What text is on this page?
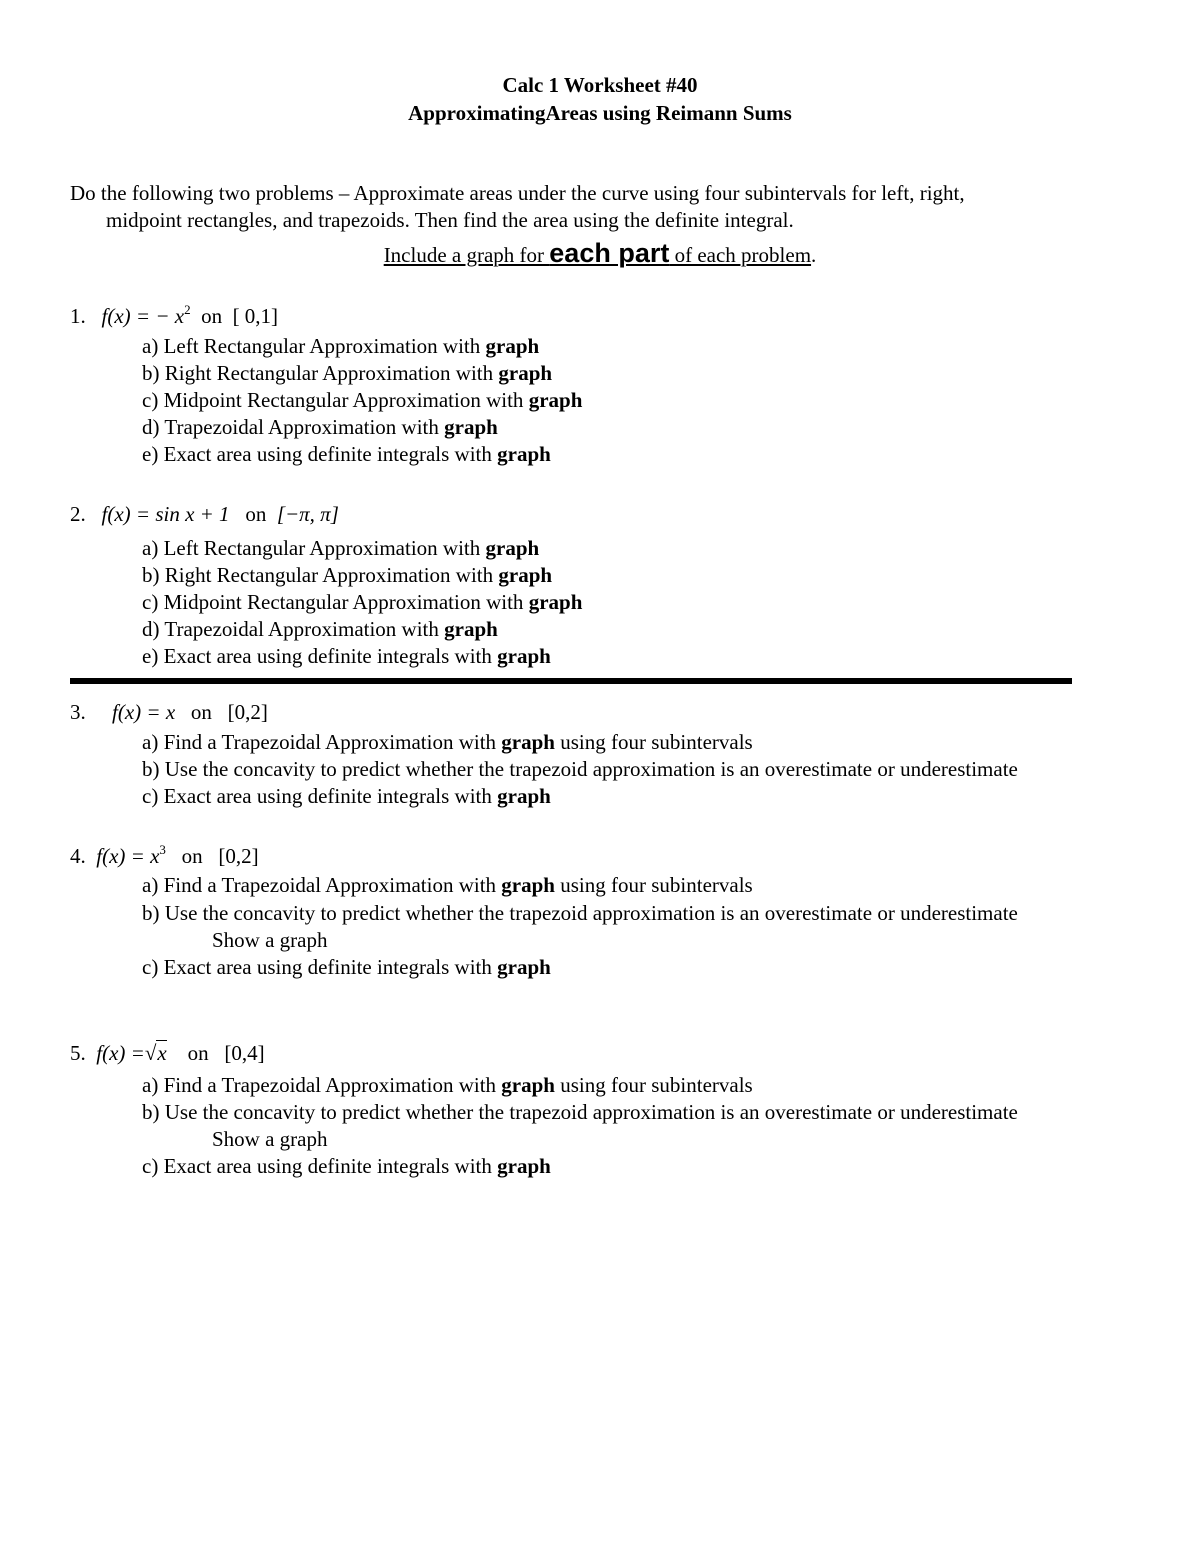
Calc 1 Worksheet #40
ApproximatingAreas using Reimann Sums
Do the following two problems – Approximate areas under the curve using four subintervals for left, right,
midpoint rectangles, and trapezoids. Then find the area using the definite integral.
Include a graph for each part of each problem.
1. f(x) = − $x^2$ on [ 0,1]
a) Left Rectangular Approximation with graph
b) Right Rectangular Approximation with graph
c) Midpoint Rectangular Approximation with graph
d) Trapezoidal Approximation with graph
e) Exact area using definite integrals with graph
2. f(x) = sin x + 1 on [−π, π]
a) Left Rectangular Approximation with graph
b) Right Rectangular Approximation with graph
c) Midpoint Rectangular Approximation with graph
d) Trapezoidal Approximation with graph
e) Exact area using definite integrals with graph
3. f(x) = x on [0,2]
a) Find a Trapezoidal Approximation with graph using four subintervals
b) Use the concavity to predict whether the trapezoid approximation is an overestimate or underestimate
c) Exact area using definite integrals with graph
4. $f(x) = x^3$ on [0,2]
a) Find a Trapezoidal Approximation with graph using four subintervals
b) Use the concavity to predict whether the trapezoid approximation is an overestimate or underestimate
Show a graph
c) Exact area using definite integrals with graph
5. f(x) =√x on [0,4]
a) Find a Trapezoidal Approximation with graph using four subintervals
b) Use the concavity to predict whether the trapezoid approximation is an overestimate or underestimate
Show a graph
c) Exact area using definite integrals with graph
